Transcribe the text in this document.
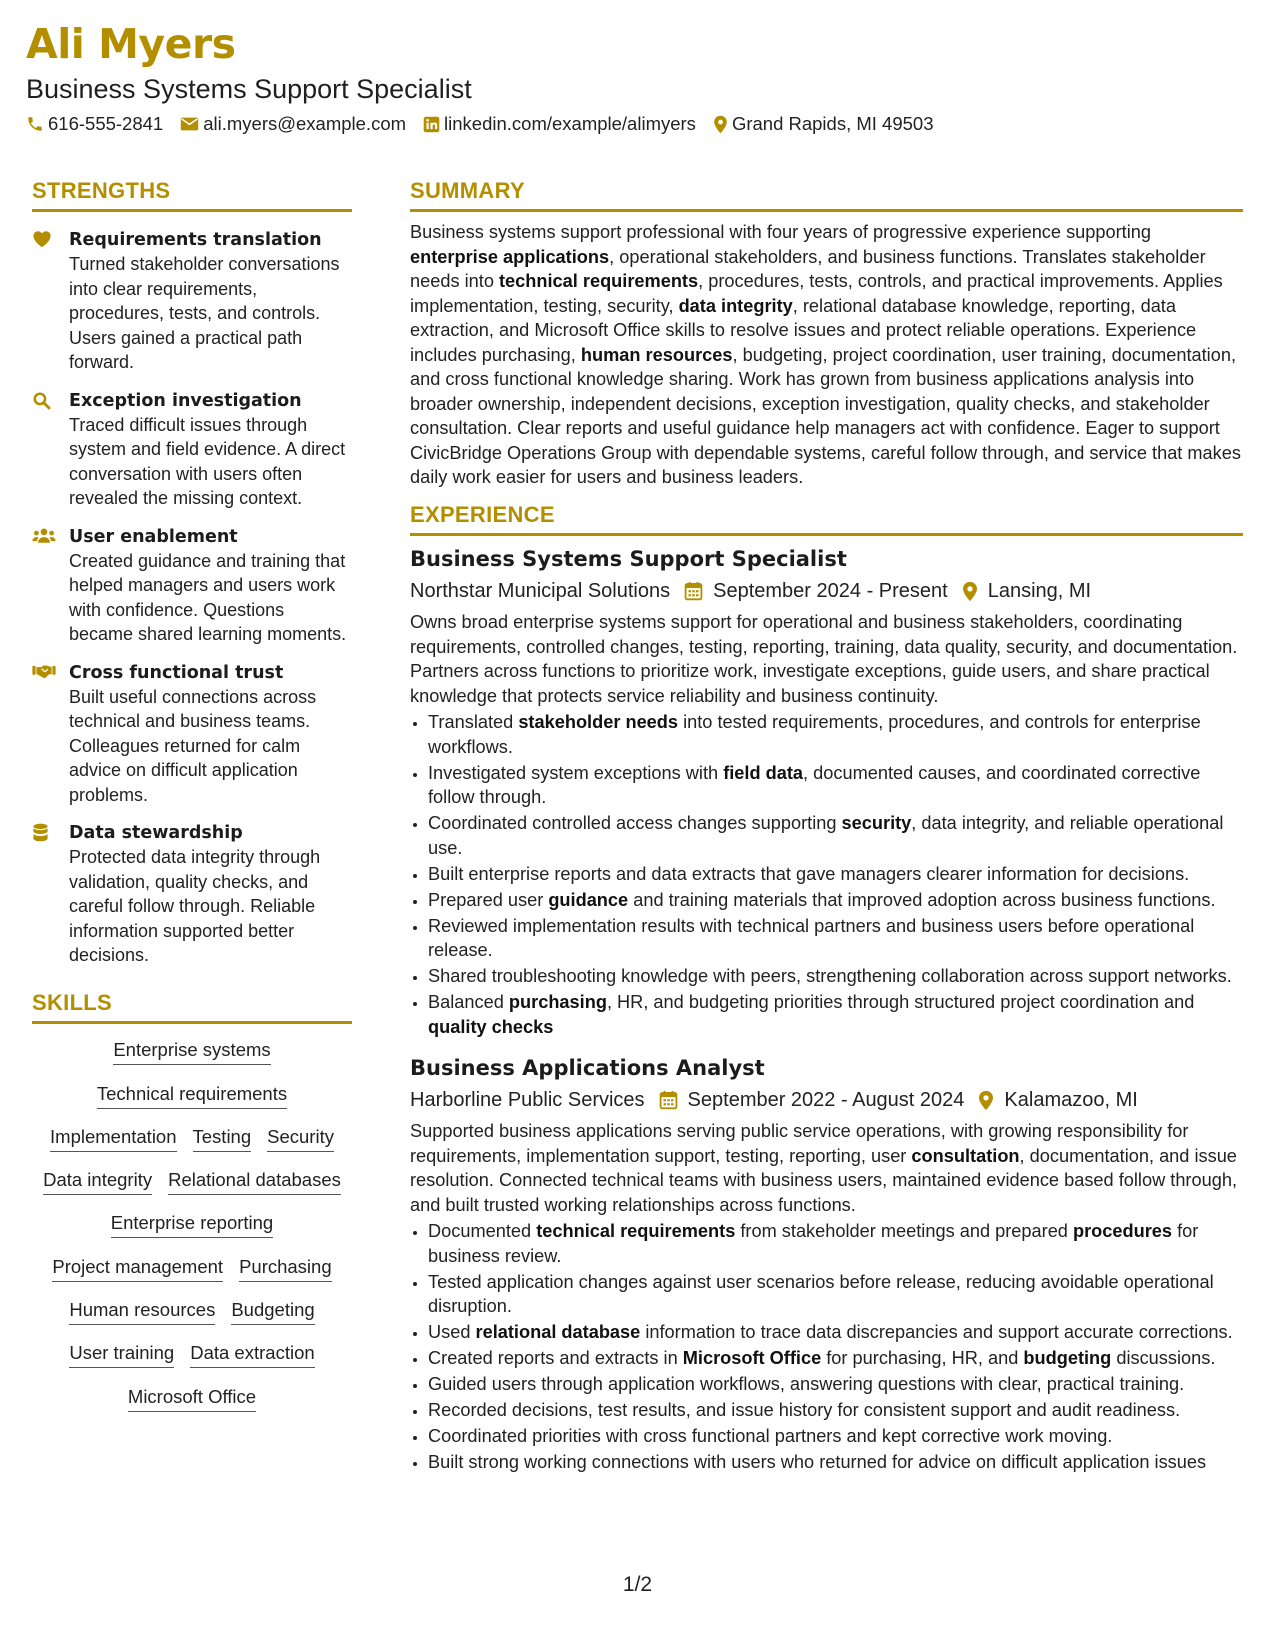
Ali Myers
Business Systems Support Specialist
616-555-2841 ali.myers@example.com linkedin.com/example/alimyers Grand Rapids, MI 49503
STRENGTHS
Requirements translation
Turned stakeholder conversations into clear requirements, procedures, tests, and controls. Users gained a practical path forward.
Exception investigation
Traced difficult issues through system and field evidence. A direct conversation with users often revealed the missing context.
User enablement
Created guidance and training that helped managers and users work with confidence. Questions became shared learning moments.
Cross functional trust
Built useful connections across technical and business teams. Colleagues returned for calm advice on difficult application problems.
Data stewardship
Protected data integrity through validation, quality checks, and careful follow through. Reliable information supported better decisions.
SKILLS
Enterprise systems
Technical requirements
Implementation Testing Security
Data integrity Relational databases
Enterprise reporting
Project management Purchasing
Human resources Budgeting
User training Data extraction
Microsoft Office
SUMMARY
Business systems support professional with four years of progressive experience supporting enterprise applications, operational stakeholders, and business functions. Translates stakeholder needs into technical requirements, procedures, tests, controls, and practical improvements. Applies implementation, testing, security, data integrity, relational database knowledge, reporting, data extraction, and Microsoft Office skills to resolve issues and protect reliable operations. Experience includes purchasing, human resources, budgeting, project coordination, user training, documentation, and cross functional knowledge sharing. Work has grown from business applications analysis into broader ownership, independent decisions, exception investigation, quality checks, and stakeholder consultation. Clear reports and useful guidance help managers act with confidence. Eager to support CivicBridge Operations Group with dependable systems, careful follow through, and service that makes daily work easier for users and business leaders.
EXPERIENCE
Business Systems Support Specialist
Northstar Municipal Solutions September 2024 - Present Lansing, MI
Owns broad enterprise systems support for operational and business stakeholders, coordinating requirements, controlled changes, testing, reporting, training, data quality, security, and documentation. Partners across functions to prioritize work, investigate exceptions, guide users, and share practical knowledge that protects service reliability and business continuity.
• Translated stakeholder needs into tested requirements, procedures, and controls for enterprise workflows.
• Investigated system exceptions with field data, documented causes, and coordinated corrective follow through.
• Coordinated controlled access changes supporting security, data integrity, and reliable operational use.
• Built enterprise reports and data extracts that gave managers clearer information for decisions.
• Prepared user guidance and training materials that improved adoption across business functions.
• Reviewed implementation results with technical partners and business users before operational release.
• Shared troubleshooting knowledge with peers, strengthening collaboration across support networks.
• Balanced purchasing, HR, and budgeting priorities through structured project coordination and quality checks
Business Applications Analyst
Harborline Public Services September 2022 - August 2024 Kalamazoo, MI
Supported business applications serving public service operations, with growing responsibility for requirements, implementation support, testing, reporting, user consultation, documentation, and issue resolution. Connected technical teams with business users, maintained evidence based follow through, and built trusted working relationships across functions.
• Documented technical requirements from stakeholder meetings and prepared procedures for business review.
• Tested application changes against user scenarios before release, reducing avoidable operational disruption.
• Used relational database information to trace data discrepancies and support accurate corrections.
• Created reports and extracts in Microsoft Office for purchasing, HR, and budgeting discussions.
• Guided users through application workflows, answering questions with clear, practical training.
• Recorded decisions, test results, and issue history for consistent support and audit readiness.
• Coordinated priorities with cross functional partners and kept corrective work moving.
• Built strong working connections with users who returned for advice on difficult application issues
1/2
